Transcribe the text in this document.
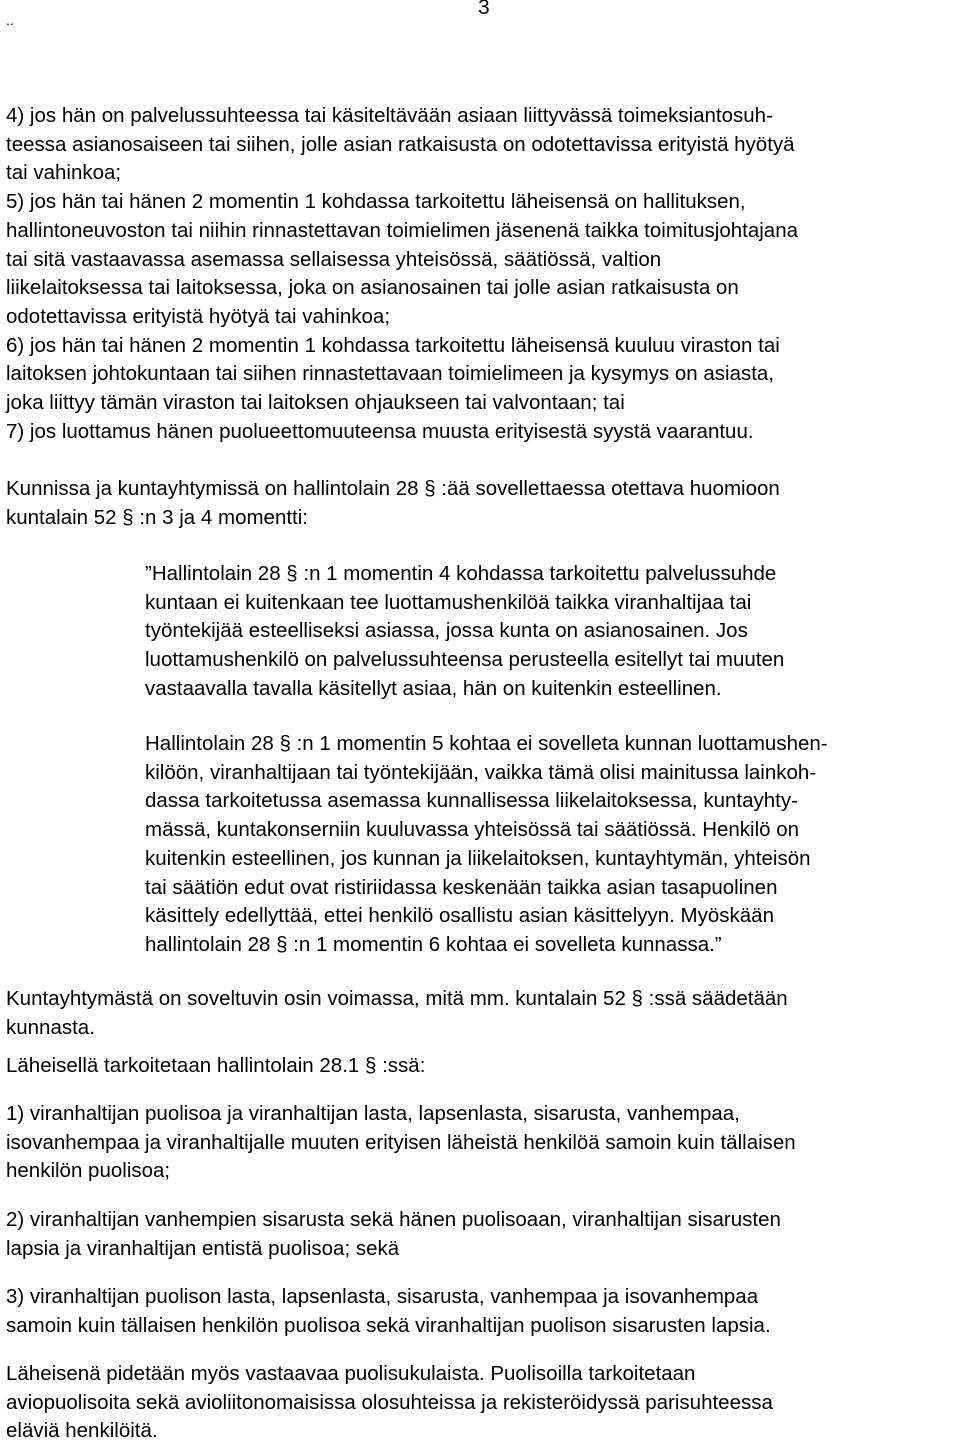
..
3

4) jos hän on palvelussuhteessa tai käsiteltävään asiaan liittyvässä toimeksiantosuh-

teessa asianosaiseen tai siihen, jolle asian ratkaisusta on odotettavissa erityistä hyötyä

tai vahinkoa;

5) jos hän tai hänen 2 momentin 1 kohdassa tarkoitettu läheisensä on hallituksen,

hallintoneuvoston tai niihin rinnastettavan toimielimen jäsenenä taikka toimitusjohtajana

tai sitä vastaavassa asemassa sellaisessa yhteisössä, säätiössä, valtion

liikelaitoksessa tai laitoksessa, joka on asianosainen tai jolle asian ratkaisusta on

odotettavissa erityistä hyötyä tai vahinkoa;

6) jos hän tai hänen 2 momentin 1 kohdassa tarkoitettu läheisensä kuuluu viraston tai

laitoksen johtokuntaan tai siihen rinnastettavaan toimielimeen ja kysymys on asiasta,

joka liittyy tämän viraston tai laitoksen ohjaukseen tai valvontaan; tai

7) jos luottamus hänen puolueettomuuteensa muusta erityisestä syystä vaarantuu.

Kunnissa ja kuntayhtymissä on hallintolain 28 § :ää sovellettaessa otettava huomioon

kuntalain 52 § :n 3 ja 4 momentti:

”Hallintolain 28 § :n 1 momentin 4 kohdassa tarkoitettu palvelussuhde

kuntaan ei kuitenkaan tee luottamushenkilöä taikka viranhaltijaa tai

työntekijää esteelliseksi asiassa, jossa kunta on asianosainen. Jos

luottamushenkilö on palvelussuhteensa perusteella esitellyt tai muuten

vastaavalla tavalla käsitellyt asiaa, hän on kuitenkin esteellinen.

Hallintolain 28 § :n 1 momentin 5 kohtaa ei sovelleta kunnan luottamushen-

kilöön, viranhaltijaan tai työntekijään, vaikka tämä olisi mainitussa lainkoh-

dassa tarkoitetussa asemassa kunnallisessa liikelaitoksessa, kuntayhty-

mässä, kuntakonserniin kuuluvassa yhteisössä tai säätiössä. Henkilö on

kuitenkin esteellinen, jos kunnan ja liikelaitoksen, kuntayhtymän, yhteisön

tai säätiön edut ovat ristiriidassa keskenään taikka asian tasapuolinen

käsittely edellyttää, ettei henkilö osallistu asian käsittelyyn. Myöskään

hallintolain 28 § :n 1 momentin 6 kohtaa ei sovelleta kunnassa.”

Kuntayhtymästä on soveltuvin osin voimassa, mitä mm. kuntalain 52 § :ssä säädetään

kunnasta.

Läheisellä tarkoitetaan hallintolain 28.1 § :ssä:

1) viranhaltijan puolisoa ja viranhaltijan lasta, lapsenlasta, sisarusta, vanhempaa,

isovanhempaa ja viranhaltijalle muuten erityisen läheistä henkilöä samoin kuin tällaisen

henkilön puolisoa;

2) viranhaltijan vanhempien sisarusta sekä hänen puolisoaan, viranhaltijan sisarusten

lapsia ja viranhaltijan entistä puolisoa; sekä

3) viranhaltijan puolison lasta, lapsenlasta, sisarusta, vanhempaa ja isovanhempaa

samoin kuin tällaisen henkilön puolisoa sekä viranhaltijan puolison sisarusten lapsia.

Läheisenä pidetään myös vastaavaa puolisukulaista. Puolisoilla tarkoitetaan

aviopuolisoita sekä avioliitonomaisissa olosuhteissa ja rekisteröidyssä parisuhteessa

eläviä henkilöitä.
